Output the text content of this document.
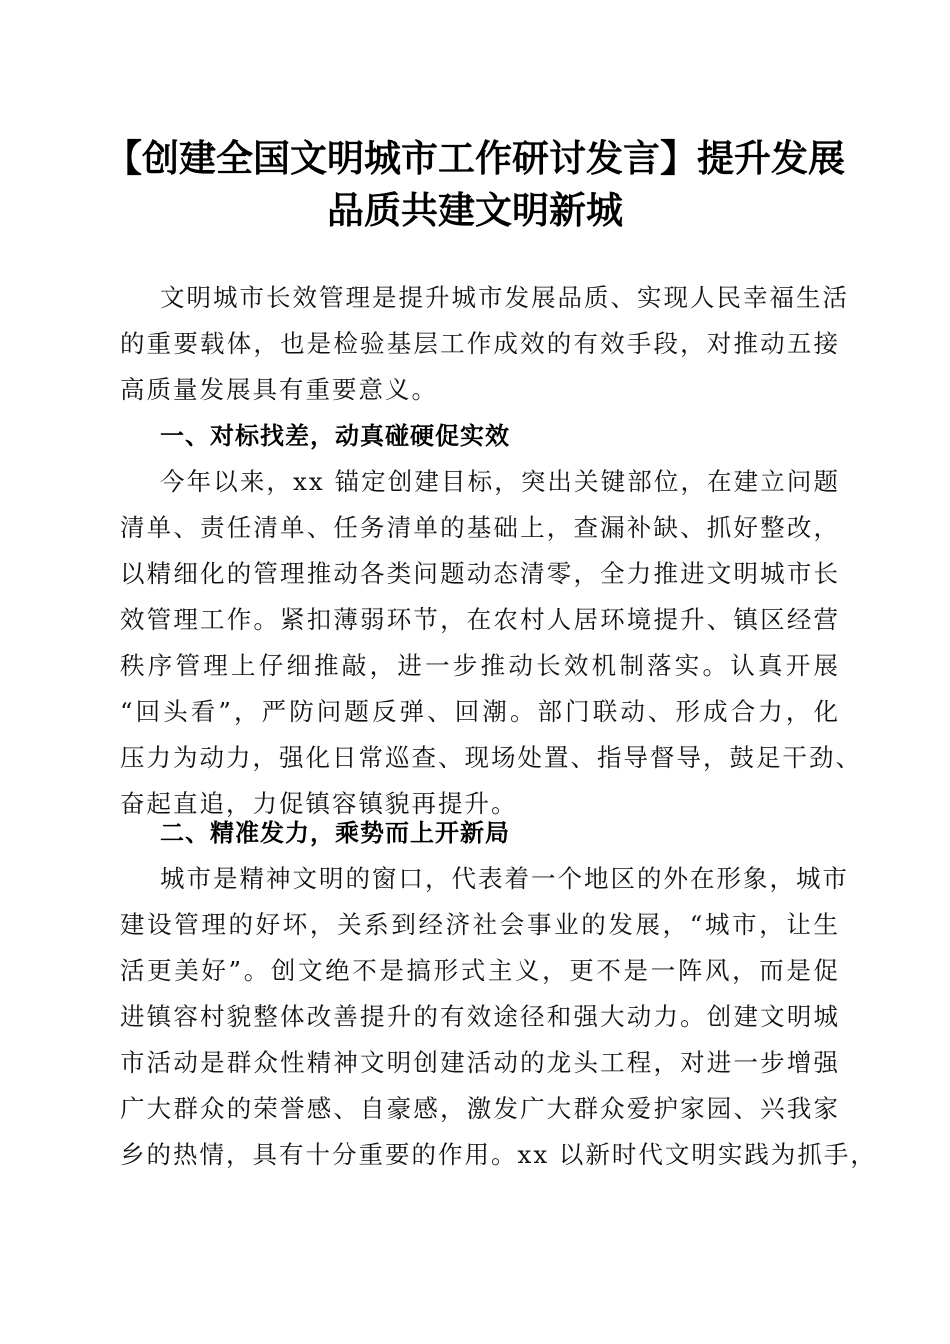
【创建全国文明城市工作研讨发言】提升发展
品质共建文明新城
文明城市长效管理是提升城市发展品质、实现人民幸福生活
的重要载体，也是检验基层工作成效的有效手段，对推动五接
高质量发展具有重要意义。
一、对标找差，动真碰硬促实效
今年以来，xx 锚定创建目标，突出关键部位，在建立问题
清单、责任清单、任务清单的基础上，查漏补缺、抓好整改，
以精细化的管理推动各类问题动态清零，全力推进文明城市长
效管理工作。紧扣薄弱环节，在农村人居环境提升、镇区经营
秩序管理上仔细推敲，进一步推动长效机制落实。认真开展
“回头看”，严防问题反弹、回潮。部门联动、形成合力，化
压力为动力，强化日常巡查、现场处置、指导督导，鼓足干劲、
奋起直追，力促镇容镇貌再提升。
二、精准发力，乘势而上开新局
城市是精神文明的窗口，代表着一个地区的外在形象，城市
建设管理的好坏，关系到经济社会事业的发展，“城市，让生
活更美好”。创文绝不是搞形式主义，更不是一阵风，而是促
进镇容村貌整体改善提升的有效途径和强大动力。创建文明城
市活动是群众性精神文明创建活动的龙头工程，对进一步增强
广大群众的荣誉感、自豪感，激发广大群众爱护家园、兴我家
乡的热情，具有十分重要的作用。xx 以新时代文明实践为抓手，
